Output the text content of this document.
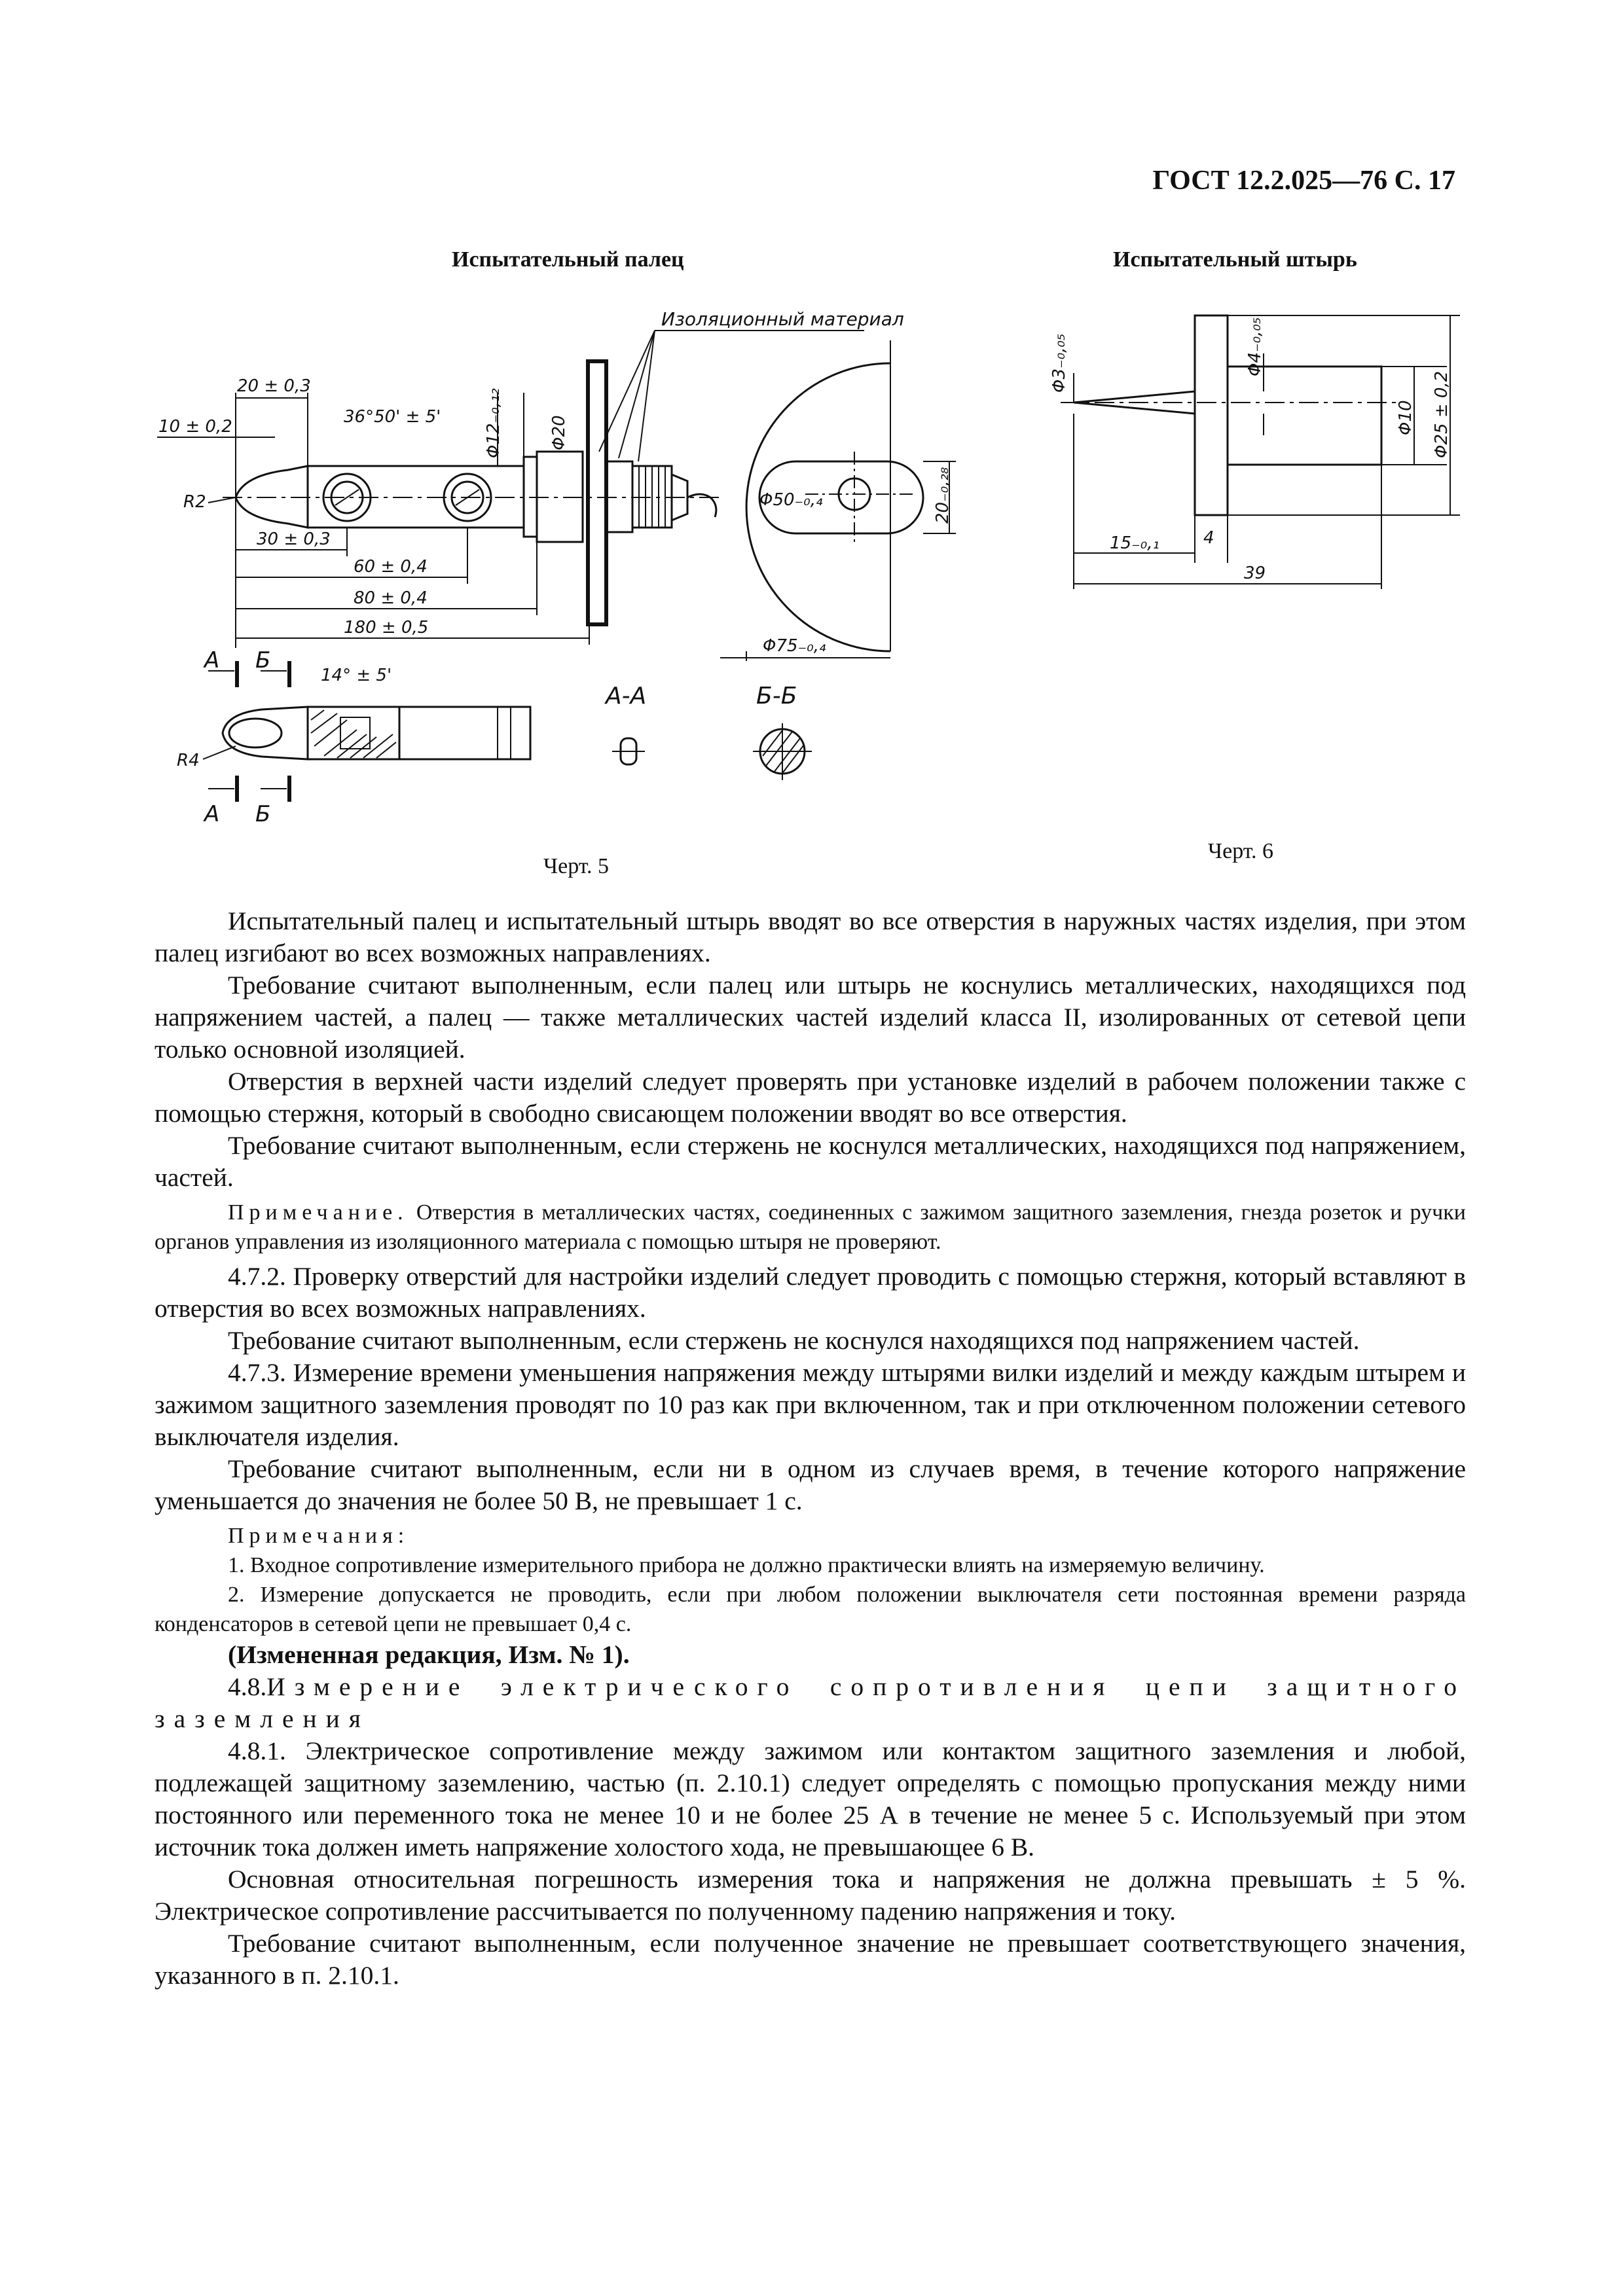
ГОСТ 12.2.025—76 С. 17
Испытательный палец	Испытательный штырь
Изоляционный материал
20 ± 0,3
10 ± 0,2	36°50' ± 5'	Φ12₋₀,₁₂	Φ20
R2
30 ± 0,3
60 ± 0,4
80 ± 0,4
180 ± 0,5
Φ50₋₀,₄	20₋₀,₂₈
Φ75₋₀,₄
А Б
14° ± 5'
R4
А Б
А-А	Б-Б
Φ3₋₀,₀₅	Φ4₋₀,₀₅
Φ10 Φ25 ± 0,2
15₋₀,₁	4
39
Черт. 5
Черт. 6

Испытательный палец и испытательный штырь вводят во все отверстия в наружных частях изделия, при этом палец изгибают во всех возможных направлениях.

Требование считают выполненным, если палец или штырь не коснулись металлических, находящихся под напряжением частей, а палец — также металлических частей изделий класса II, изолированных от сетевой цепи только основной изоляцией.

Отверстия в верхней части изделий следует проверять при установке изделий в рабочем положении также с помощью стержня, который в свободно свисающем положении вводят во все отверстия.

Требование считают выполненным, если стержень не коснулся металлических, находящихся под напряжением, частей.

Примечание. Отверстия в металлических частях, соединенных с зажимом защитного заземления, гнезда розеток и ручки органов управления из изоляционного материала с помощью штыря не проверяют.

4.7.2. Проверку отверстий для настройки изделий следует проводить с помощью стержня, который вставляют в отверстия во всех возможных направлениях.

Требование считают выполненным, если стержень не коснулся находящихся под напряжением частей.

4.7.3. Измерение времени уменьшения напряжения между штырями вилки изделий и между каждым штырем и зажимом защитного заземления проводят по 10 раз как при включенном, так и при отключенном положении сетевого выключателя изделия.

Требование считают выполненным, если ни в одном из случаев время, в течение которого напряжение уменьшается до значения не более 50 В, не превышает 1 с.

Примечания:

1. Входное сопротивление измерительного прибора не должно практически влиять на измеряемую величину.

2. Измерение допускается не проводить, если при любом положении выключателя сети постоянная времени разряда конденсаторов в сетевой цепи не превышает 0,4 с.

(Измененная редакция, Изм. № 1).

4.8.Измерение электрического сопротивления цепи защитного заземления

4.8.1. Электрическое сопротивление между зажимом или контактом защитного заземления и любой, подлежащей защитному заземлению, частью (п. 2.10.1) следует определять с помощью пропускания между ними постоянного или переменного тока не менее 10 и не более 25 А в течение не менее 5 с. Используемый при этом источник тока должен иметь напряжение холостого хода, не превышающее 6 В.

Основная относительная погрешность измерения тока и напряжения не должна превышать ± 5 %. Электрическое сопротивление рассчитывается по полученному падению напряжения и току.

Требование считают выполненным, если полученное значение не превышает соответствующего значения, указанного в п. 2.10.1.
